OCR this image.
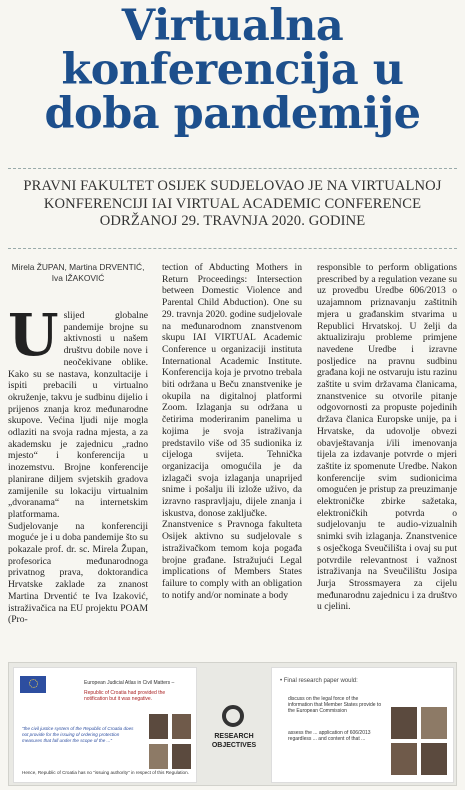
Virtualna
konferencija u
doba pandemije
PRAVNI FAKULTET OSIJEK SUDJELOVAO JE NA VIRTUALNOJ KONFERENCIJI IAI VIRTUAL ACADEMIC CONFERENCE ODRŽANOJ 29. TRAVNJA 2020. GODINE
Mirela ŽUPAN, Martina DRVENTIĆ,
Iva IŽAKOVIĆ

Uslijed globalne pandemije brojne su aktivnosti u našem društvu dobile nove i neočekivane oblike. Kako su se nastava, konzultacije i ispiti prebacili u virtualno okruženje, takvu je sudbinu dijelio i prijenos znanja kroz međunarodne skupove. Većina ljudi nije mogla odlaziti na svoja radna mjesta, a za akademsku je zajednicu „radno mjesto“ i konferencija u inozemstvu. Brojne konferencije planirane diljem svjetskih gradova zamijenile su lokaciju virtualnim „dvoranama“ na internetskim platformama.

Sudjelovanje na konferenciji moguće je i u doba pandemije što su pokazale prof. dr. sc. Mirela Župan, profesorica međunarodnoga privatnog prava, doktorandica Hrvatske zaklade za znanost Martina Drventić te Iva Izaković, istraživačica na EU projektu POAM (Pro-

tection of Abducting Mothers in Return Proceedings: Intersection between Domestic Violence and Parental Child Abduction). One su 29. travnja 2020. godine sudjelovale na međunarodnom znanstvenom skupu IAI VIRTUAL Academic Conference u organizaciji instituta International Academic Institute. Konferencija koja je prvotno trebala biti održana u Beču znanstvenike je okupila na digitalnoj platformi Zoom. Izlaganja su održana u četirima moderiranim panelima u kojima je svoja istraživanja predstavilo više od 35 sudionika iz cijeloga svijeta. Tehnička organizacija omogućila je da izlagači svoja izlaganja unaprijed snime i pošalju ili izlože uživo, da izravno raspravljaju, dijele znanja i iskustva, donose zaključke.

Znanstvenice s Pravnoga fakulteta Osijek aktivno su sudjelovale s istraživačkom temom koja pogađa brojne građane. Istražujući Legal implications of Members States failure to comply with an obligation to notify and/or nominate a body

responsible to perform obligations prescribed by a regulation vezane su uz provedbu Uredbe 606/2013 o uzajamnom priznavanju zaštitnih mjera u građanskim stvarima u Republici Hrvatskoj. U želji da aktualiziraju probleme primjene navedene Uredbe i izravne posljedice na pravnu sudbinu građana koji ne ostvaruju istu razinu zaštite u svim državama članicama, znanstvenice su otvorile pitanje odgovornosti za propuste pojedinih država članica Europske unije, pa i Hrvatske, da udovolje obvezi obavještavanja i/ili imenovanja tijela za izdavanje potvrde o mjeri zaštite iz spomenute Uredbe. Nakon konferencije svim sudionicima omogućen je pristup za preuzimanje elektroničke zbirke sažetaka, elektroničkih potvrda o sudjelovanju te audio-vizualnih snimki svih izlaganja. Znanstvenice s osječkoga Sveučilišta i ovaj su put potvrdile relevantnost i važnost istraživanja na Sveučilištu Josipa Jurja Strossmayera za cijelu međunarodnu zajednicu i za društvo u cjelini.

European Judicial Atlas in Civil Matters –
Republic of Croatia had provided the notification but it was negative.
"the civil justice system of the Republic of Croatia does not provide for the issuing of ordering protection measures that fall under the scope of the ..."
Hence, Republic of Croatia has no "issuing authority" in respect of this Regulation.
RESEARCH
OBJECTIVES
• Final research paper would:
discuss on the legal force of the information that Member States provide to the European Commission
assess the ... application of 606/2013 regardless ... and content of that ...
